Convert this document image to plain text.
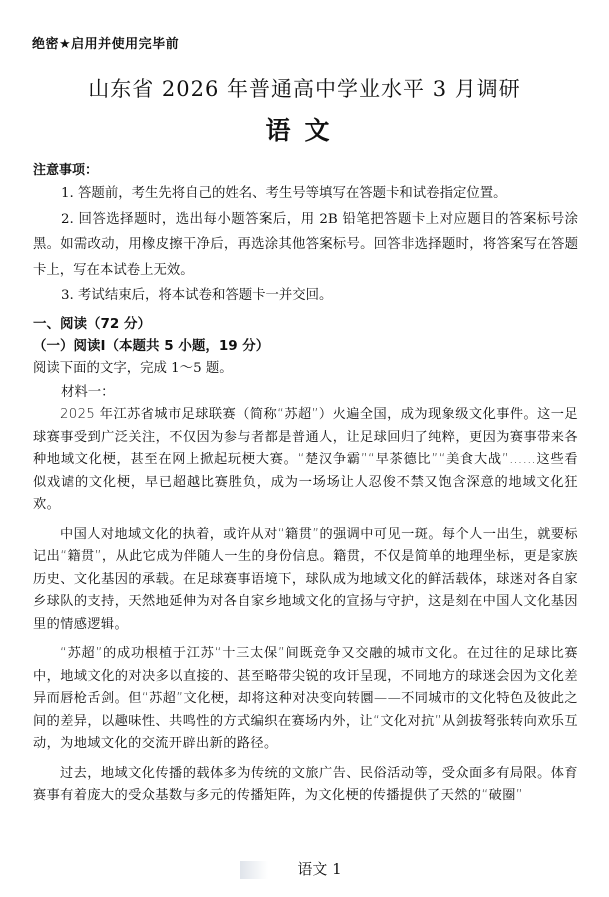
绝密★启用并使用完毕前
山东省 2026 年普通高中学业水平 3 月调研
语文
注意事项：

1. 答题前，考生先将自己的姓名、考生号等填写在答题卡和试卷指定位置。

2. 回答选择题时，选出每小题答案后，用 2B 铅笔把答题卡上对应题目的答案标号涂黑。如需改动，用橡皮擦干净后，再选涂其他答案标号。回答非选择题时，将答案写在答题卡上，写在本试卷上无效。

3. 考试结束后，将本试卷和答题卡一并交回。

一、阅读（72 分）
（一）阅读Ⅰ（本题共 5 小题，19 分）
阅读下面的文字，完成 1～5 题。
材料一：

2025 年江苏省城市足球联赛（简称“苏超”）火遍全国，成为现象级文化事件。这一足球赛事受到广泛关注，不仅因为参与者都是普通人，让足球回归了纯粹，更因为赛事带来各种地域文化梗，甚至在网上掀起玩梗大赛。“楚汉争霸”“早茶德比”“美食大战”……这些看似戏谑的文化梗，早已超越比赛胜负，成为一场场让人忍俊不禁又饱含深意的地域文化狂欢。

中国人对地域文化的执着，或许从对“籍贯”的强调中可见一斑。每个人一出生，就要标记出“籍贯”，从此它成为伴随人一生的身份信息。籍贯，不仅是简单的地理坐标，更是家族历史、文化基因的承载。在足球赛事语境下，球队成为地域文化的鲜活载体，球迷对各自家乡球队的支持，天然地延伸为对各自家乡地域文化的宣扬与守护，这是刻在中国人文化基因里的情感逻辑。

“苏超”的成功根植于江苏“十三太保”间既竞争又交融的城市文化。在过往的足球比赛中，地域文化的对决多以直接的、甚至略带尖锐的攻讦呈现，不同地方的球迷会因为文化差异而唇枪舌剑。但“苏超”文化梗，却将这种对决变向转圜——不同城市的文化特色及彼此之间的差异，以趣味性、共鸣性的方式编织在赛场内外，让“文化对抗”从剑拔弩张转向欢乐互动，为地域文化的交流开辟出新的路径。

过去，地域文化传播的载体多为传统的文旅广告、民俗活动等，受众面多有局限。体育赛事有着庞大的受众基数与多元的传播矩阵，为文化梗的传播提供了天然的“破圈”

语文 1
